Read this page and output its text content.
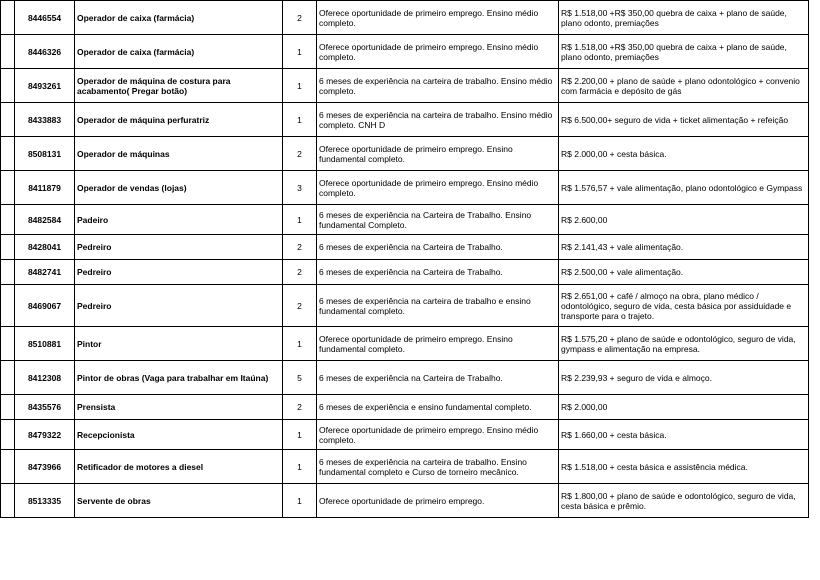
	8446554	Operador de caixa (farmácia)	2	Oferece oportunidade de primeiro emprego. Ensino médio completo.	R$ 1.518,00 +R$ 350,00 quebra de caixa + plano de saúde, plano odonto, premiações
	8446326	Operador de caixa (farmácia)	1	Oferece oportunidade de primeiro emprego. Ensino médio completo.	R$ 1.518,00 +R$ 350,00 quebra de caixa + plano de saúde, plano odonto, premiações
	8493261	Operador de máquina de costura para acabamento( Pregar botão)	1	6 meses de experiência na carteira de trabalho. Ensino médio completo.	R$ 2.200,00 + plano de saúde + plano odontológico + convenio com farmácia e depósito de gás
	8433883	Operador de máquina perfuratriz	1	6 meses de experiência na carteira de trabalho. Ensino médio completo. CNH D	R$ 6.500,00+ seguro de vida + ticket alimentação + refeição
	8508131	Operador de máquinas	2	Oferece oportunidade de primeiro emprego. Ensino fundamental completo.	R$ 2.000,00 + cesta básica.
	8411879	Operador de vendas (lojas)	3	Oferece oportunidade de primeiro emprego. Ensino médio completo.	R$ 1.576,57 + vale alimentação, plano odontológico e Gympass
	8482584	Padeiro	1	6 meses de experiência na Carteira de Trabalho. Ensino fundamental Completo.	R$ 2.600,00
	8428041	Pedreiro	2	6 meses de experiência na Carteira de Trabalho.	R$ 2.141,43 + vale alimentação.
	8482741	Pedreiro	2	6 meses de experiência na Carteira de Trabalho.	R$ 2.500,00 + vale alimentação.
	8469067	Pedreiro	2	6 meses de experiência na carteira de trabalho e ensino fundamental completo.	R$ 2.651,00 + café / almoço na obra, plano médico / odontológico, seguro de vida, cesta básica por assiduidade e transporte para o trajeto.
	8510881	Pintor	1	Oferece oportunidade de primeiro emprego. Ensino fundamental completo.	R$ 1.575,20 + plano de saúde e odontológico, seguro de vida, gympass e alimentação na empresa.
	8412308	Pintor de obras (Vaga para trabalhar em Itaúna)	5	6 meses de experiência na Carteira de Trabalho.	R$ 2.239,93 + seguro de vida e almoço.
	8435576	Prensista	2	6 meses de experiência e ensino fundamental completo.	R$ 2.000,00
	8479322	Recepcionista	1	Oferece oportunidade de primeiro emprego. Ensino médio completo.	R$ 1.660,00 + cesta básica.
	8473966	Retificador de motores a diesel	1	6 meses de experiência na carteira de trabalho. Ensino fundamental completo e Curso de torneiro mecânico.	R$ 1.518,00 + cesta básica e assistência médica.
	8513335	Servente de obras	1	Oferece oportunidade de primeiro emprego.	R$ 1.800,00 + plano de saúde e odontológico, seguro de vida, cesta básica e prêmio.
